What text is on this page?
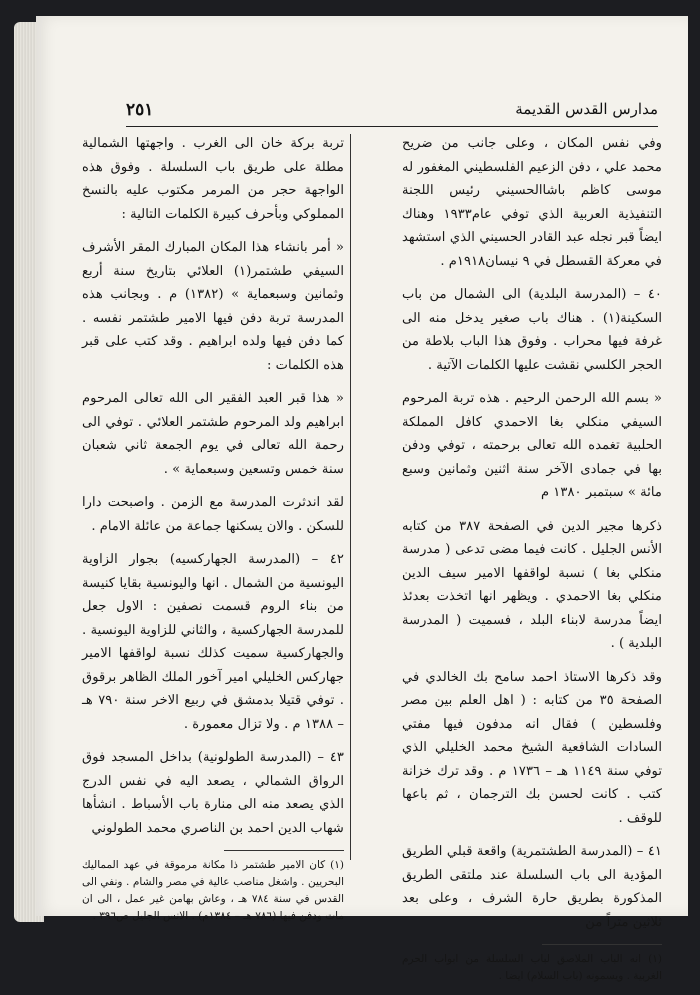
مدارس القدس القديمة
٢٥١

وفي نفس المكان ، وعلى جانب من ضريح محمد علي ، دفن الزعيم الفلسطيني المغفور له موسى كاظم باشاالحسيني رئيس اللجنة التنفيذية العربية الذي توفي عام١٩٣٣ وهناك ايضاً قبر نجله عبد القادر الحسيني الذي استشهد في معركة القسطل في ٩ نيسان١٩١٨م .

٤٠ – (المدرسة البلدية) الى الشمال من باب السكينة(١) . هناك باب صغير يدخل منه الى غرفة فيها محراب . وفوق هذا الباب بلاطة من الحجر الكلسي نقشت عليها الكلمات الآتية .

« بسم الله الرحمن الرحيم . هذه تربة المرحوم السيفي منكلي بغا الاحمدي كافل المملكة الحلبية تغمده الله تعالى برحمته ، توفي ودفن بها في جمادى الآخر سنة اثنين وثمانين وسبع مائة » سبتمبر ١٣٨٠ م

ذكرها مجير الدين في الصفحة ٣٨٧ من كتابه الأنس الجليل . كانت فيما مضى تدعى ( مدرسة منكلي بغا ) نسبة لواقفها الامير سيف الدين منكلي بغا الاحمدي . ويظهر انها اتخذت بعدئذ ايضاً مدرسة لابناء البلد ، فسميت ( المدرسة البلدية ) .

وقد ذكرها الاستاذ احمد سامح بك الخالدي في الصفحة ٣٥ من كتابه : ( اهل العلم بين مصر وفلسطين ) فقال انه مدفون فيها مفتي السادات الشافعية الشيخ محمد الخليلي الذي توفي سنة ١١٤٩ هـ – ١٧٣٦ م . وقد ترك خزانة كتب . كانت لحسن بك الترجمان ، ثم باعها للوقف .

٤١ – (المدرسة الطشتمرية) واقعة قبلي الطريق المؤدية الى باب السلسلة عند ملتقى الطريق المذكورة بطريق حارة الشرف ، وعلى بعد ثلاثين متراً من

(١) انه الباب الملاصق لباب السلسلة من ابواب الحرم الغربية . ويسمونه (باب السلام) ايضا .

تربة بركة خان الى الغرب . واجهتها الشمالية مطلة على طريق باب السلسلة . وفوق هذه الواجهة حجر من المرمر مكتوب عليه بالنسخ المملوكي وبأحرف كبيرة الكلمات التالية :

« أمر بانشاء هذا المكان المبارك المقر الأشرف السيفي طشتمر(١) العلائي بتاريخ سنة أربع وثمانين وسبعماية » (١٣٨٢) م . وبجانب هذه المدرسة تربة دفن فيها الامير طشتمر نفسه . كما دفن فيها ولده ابراهيم . وقد كتب على قبر هذه الكلمات :

« هذا قبر العبد الفقير الى الله تعالى المرحوم ابراهيم ولد المرحوم طشتمر العلائي . توفي الى رحمة الله تعالى في يوم الجمعة ثاني شعبان سنة خمس وتسعين وسبعماية » .

لقد اندثرت المدرسة مع الزمن . واصبحت دارا للسكن . والان يسكنها جماعة من عائلة الامام .

٤٢ – (المدرسة الجهاركسيه) بجوار الزاوية اليونسية من الشمال . انها واليونسية بقايا كنيسة من بناء الروم قسمت نصفين : الاول جعل للمدرسة الجهاركسية ، والثاني للزاوية اليونسية . والجهاركسية سميت كذلك نسبة لواقفها الامير جهاركس الخليلي امير آخور الملك الظاهر برقوق . توفي قتيلا بدمشق في ربيع الاخر سنة ٧٩٠ هـ – ١٣٨٨ م . ولا تزال معمورة .

٤٣ – (المدرسة الطولونية) بداخل المسجد فوق الرواق الشمالي ، يصعد اليه في نفس الدرج الذي يصعد منه الى منارة باب الأسباط . انشأها شهاب الدين احمد بن الناصري محمد الطولوني

(١) كان الامير طشتمر ذا مكانة مرموقة في عهد المماليك البحريين . واشغل مناصب عالية في مصر والشام . ونفي الى القدس في سنة ٧٨٤ هـ ، وعاش بهامن غير عمل ، الى ان مات ودفن فيها (٧٨٦ هـ – ١٣٨٤م) . الانس الجليل ص٣٩٦ .
